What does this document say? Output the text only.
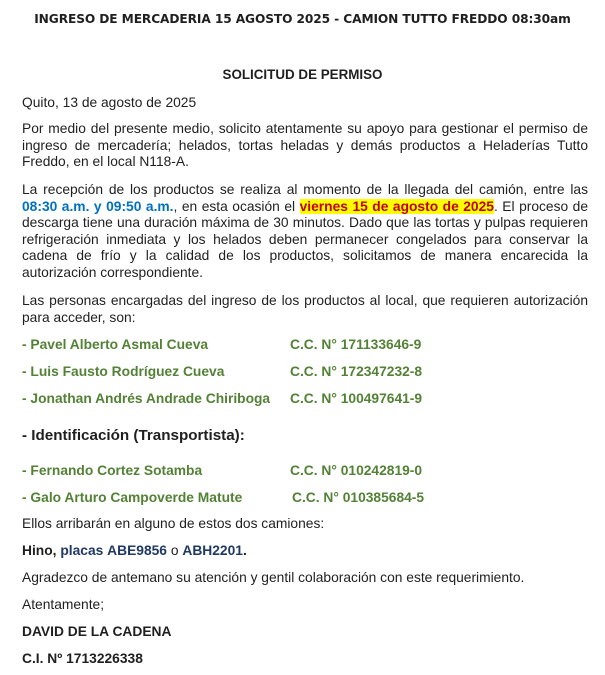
INGRESO DE MERCADERIA 15 AGOSTO 2025 - CAMION TUTTO FREDDO 08:30am
SOLICITUD DE PERMISO
Quito, 13 de agosto de 2025
Por medio del presente medio, solicito atentamente su apoyo para gestionar el permiso de ingreso de mercadería; helados, tortas heladas y demás productos a Heladerías Tutto Freddo, en el local N118-A.
La recepción de los productos se realiza al momento de la llegada del camión, entre las 08:30 a.m. y 09:50 a.m., en esta ocasión el viernes 15 de agosto de 2025. El proceso de descarga tiene una duración máxima de 30 minutos. Dado que las tortas y pulpas requieren refrigeración inmediata y los helados deben permanecer congelados para conservar la cadena de frío y la calidad de los productos, solicitamos de manera encarecida la autorización correspondiente.
Las personas encargadas del ingreso de los productos al local, que requieren autorización para acceder, son:
- Pavel Alberto Asmal Cueva	C.C. N° 171133646-9
- Luis Fausto Rodríguez Cueva	C.C. N° 172347232-8
- Jonathan Andrés Andrade Chiriboga C.C. N° 100497641-9
- Identificación (Transportista):
- Fernando Cortez Sotamba	C.C. N° 010242819-0
- Galo Arturo Campoverde Matute	C.C. N° 010385684-5
Ellos arribarán en alguno de estos dos camiones:
Hino, placas ABE9856 o ABH2201.
Agradezco de antemano su atención y gentil colaboración con este requerimiento.
Atentamente;
DAVID DE LA CADENA
C.I. Nº 1713226338
